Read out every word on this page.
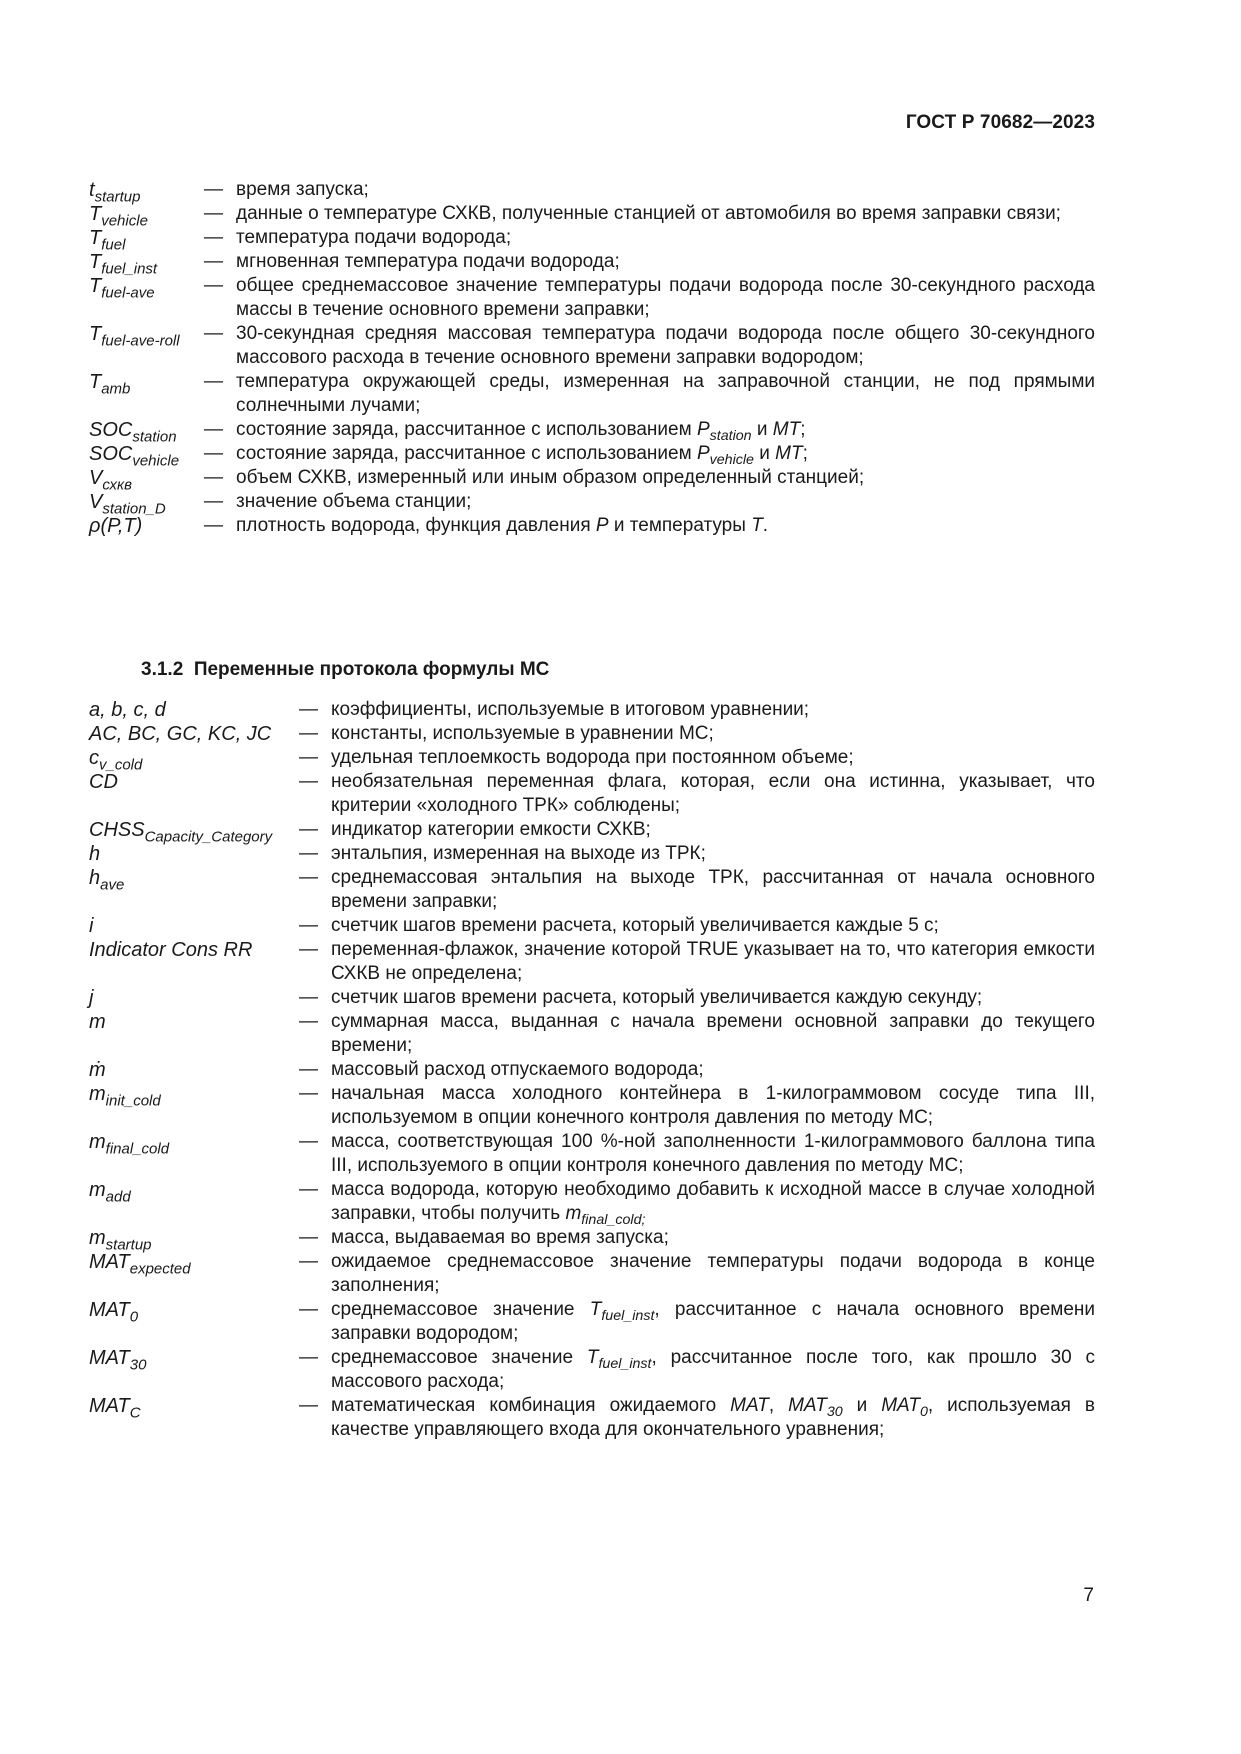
ГОСТ Р 70682—2023
$t_{startup}$	— время запуска;
$T_{vehicle}$	— данные о температуре СХКВ, полученные станцией от автомобиля во время заправки связи;
$T_{fuel}$	— температура подачи водорода;
$T_{fuel\_inst}$	— мгновенная температура подачи водорода;
$T_{fuel-ave}$	— общее среднемассовое значение температуры подачи водорода после 30-секундного расхода массы в течение основного времени заправки;
$T_{fuel-ave-roll}$	— 30-секундная средняя массовая температура подачи водорода после общего 30-секундного массового расхода в течение основного времени заправки водородом;
$T_{amb}$	— температура окружающей среды, измеренная на заправочной станции, не под прямыми солнечными лучами;
$SOC_{station}$	— состояние заряда, рассчитанное с использованием $P_{station}$ и MT;
$SOC_{vehicle}$	— состояние заряда, рассчитанное с использованием $P_{vehicle}$ и MT;
$V_{схкв}$	— объем СХКВ, измеренный или иным образом определенный станцией;
$V_{station\_D}$	— значение объема станции;
ρ(P,T)	— плотность водорода, функция давления P и температуры T.
3.1.2 Переменные протокола формулы МС
a, b, c, d	— коэффициенты, используемые в итоговом уравнении;
AC, BC, GC, KC, JC	— константы, используемые в уравнении МС;
$c_{v\_cold}$	— удельная теплоемкость водорода при постоянном объеме;
CD	— необязательная переменная флага, которая, если она истинна, указывает, что критерии «холодного ТРК» соблюдены;
$CHSS_{Capacity\_Category}$	— индикатор категории емкости СХКВ;
h	— энтальпия, измеренная на выходе из ТРК;
$h_{ave}$	— среднемассовая энтальпия на выходе ТРК, рассчитанная от начала основного времени заправки;
i	— счетчик шагов времени расчета, который увеличивается каждые 5 с;
Indicator Cons RR	— переменная-флажок, значение которой TRUE указывает на то, что категория емкости СХКВ не определена;
j	— счетчик шагов времени расчета, который увеличивается каждую секунду;
m	— суммарная масса, выданная с начала времени основной заправки до текущего времени;
ṁ	— массовый расход отпускаемого водорода;
$m_{init\_cold}$	— начальная масса холодного контейнера в 1-килограммовом сосуде типа III, используемом в опции конечного контроля давления по методу МС;
$m_{final\_cold}$	— масса, соответствующая 100 %-ной заполненности 1-килограммового баллона типа III, используемого в опции контроля конечного давления по методу МС;
$m_{add}$	— масса водорода, которую необходимо добавить к исходной массе в случае холодной заправки, чтобы получить $m_{final\_cold;}$
$m_{startup}$	— масса, выдаваемая во время запуска;
$MAT_{expected}$	— ожидаемое среднемассовое значение температуры подачи водорода в конце заполнения;
$MAT_0$	— среднемассовое значение $T_{fuel\_inst}$, рассчитанное с начала основного времени заправки водородом;
$MAT_{30}$	— среднемассовое значение $T_{fuel\_inst}$, рассчитанное после того, как прошло 30 с массового расхода;
$MAT_C$	— математическая комбинация ожидаемого MAT, $MAT_{30}$ и $MAT_0$, используемая в качестве управляющего входа для окончательного уравнения;
7
